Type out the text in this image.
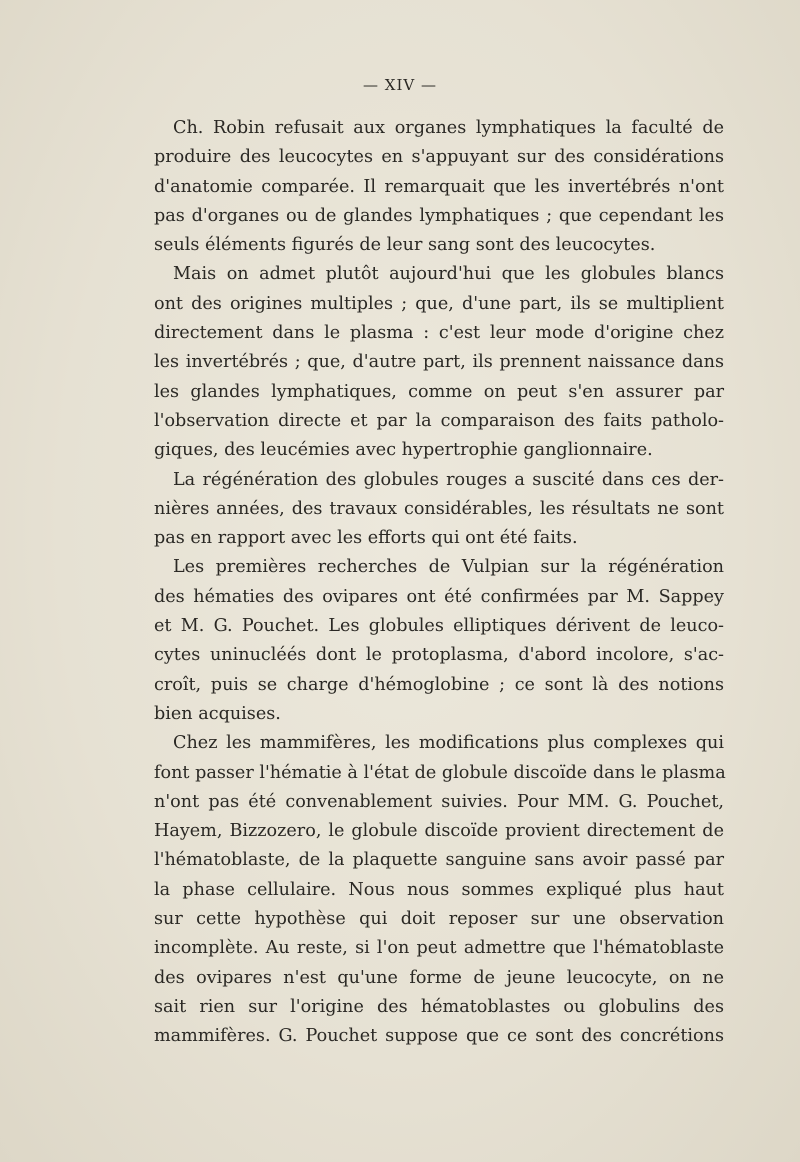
— XIV —

Ch. Robin refusait aux organes lymphatiques la faculté de
produire des leucocytes en s'appuyant sur des considérations
d'anatomie comparée. Il remarquait que les invertébrés n'ont
pas d'organes ou de glandes lymphatiques ; que cependant les
seuls éléments figurés de leur sang sont des leucocytes.

Mais on admet plutôt aujourd'hui que les globules blancs
ont des origines multiples ; que, d'une part, ils se multiplient
directement dans le plasma : c'est leur mode d'origine chez
les invertébrés ; que, d'autre part, ils prennent naissance dans
les glandes lymphatiques, comme on peut s'en assurer par
l'observation directe et par la comparaison des faits patholo-
giques, des leucémies avec hypertrophie ganglionnaire.

La régénération des globules rouges a suscité dans ces der-
nières années, des travaux considérables, les résultats ne sont
pas en rapport avec les efforts qui ont été faits.

Les premières recherches de Vulpian sur la régénération
des hématies des ovipares ont été confirmées par M. Sappey
et M. G. Pouchet. Les globules elliptiques dérivent de leuco-
cytes uninucléés dont le protoplasma, d'abord incolore, s'ac-
croît, puis se charge d'hémoglobine ; ce sont là des notions
bien acquises.

Chez les mammifères, les modifications plus complexes qui
font passer l'hématie à l'état de globule discoïde dans le plasma
n'ont pas été convenablement suivies. Pour MM. G. Pouchet,
Hayem, Bizzozero, le globule discoïde provient directement de
l'hématoblaste, de la plaquette sanguine sans avoir passé par
la phase cellulaire. Nous nous sommes expliqué plus haut
sur cette hypothèse qui doit reposer sur une observation
incomplète. Au reste, si l'on peut admettre que l'hématoblaste
des ovipares n'est qu'une forme de jeune leucocyte, on ne
sait rien sur l'origine des hématoblastes ou globulins des
mammifères. G. Pouchet suppose que ce sont des concrétions
